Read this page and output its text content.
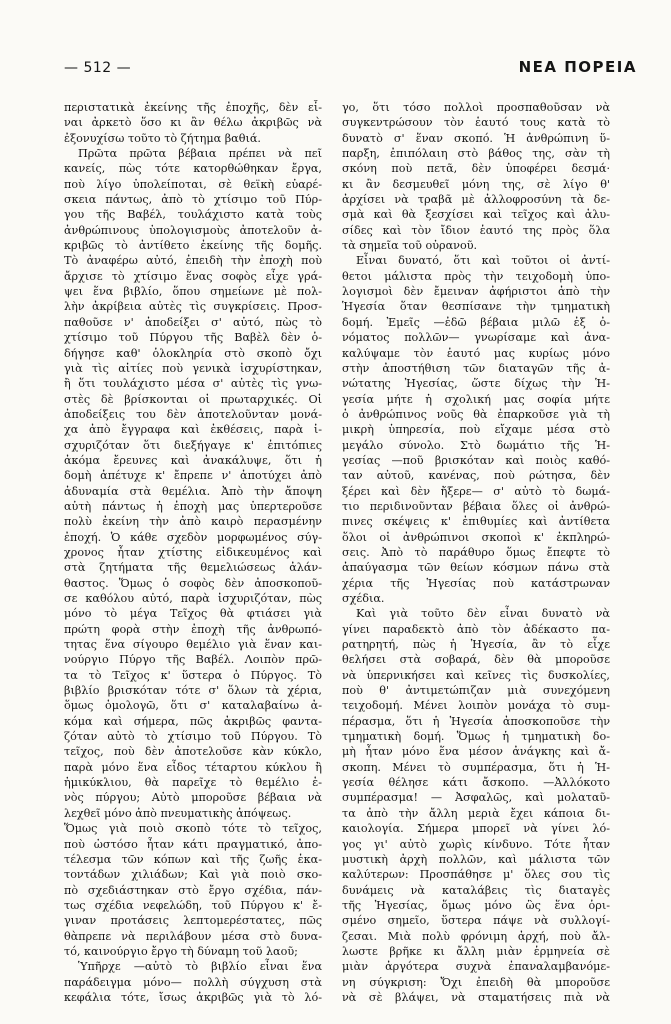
— 512 —	ΝΕΑ ΠΟΡΕΙΑ
περιστατικὰ ἐκείνης τῆς ἐποχῆς, δὲν εἶ-
ναι ἀρκετὸ ὅσο κι ἂν θέλω ἀκριβῶς νὰ
ἐξονυχίσω τοῦτο τὸ ζήτημα βαθιά.
Πρῶτα πρῶτα βέβαια πρέπει νὰ πεῖ
κανείς, πὼς τότε κατορθώθηκαν ἔργα,
ποὺ λίγο ὑπολείποται, σὲ θεϊκὴ εὐαρέ-
σκεια πάντως, ἀπὸ τὸ χτίσιμο τοῦ Πύρ-
γου τῆς Βαβέλ, τουλάχιστο κατὰ τοὺς
ἀνθρώπινους ὑπολογισμοὺς ἀποτελοῦν ἀ-
κριβῶς τὸ ἀντίθετο ἐκείνης τῆς δομῆς.
Τὸ ἀναφέρω αὐτό, ἐπειδὴ τὴν ἐποχὴ ποὺ
ἄρχισε τὸ χτίσιμο ἕνας σοφὸς εἶχε γρά-
ψει ἕνα βιβλίο, ὅπου σημείωνε μὲ πολ-
λὴν ἀκρίβεια αὐτὲς τὶς συγκρίσεις. Προσ-
παθοῦσε ν' ἀποδείξει σ' αὐτό, πὼς τὸ
χτίσιμο τοῦ Πύργου τῆς Βαβὲλ δὲν ὁ-
δήγησε καθ' ὁλοκληρία στὸ σκοπὸ ὄχι
γιὰ τὶς αἰτίες ποὺ γενικὰ ἰσχυρίστηκαν,
ἢ ὅτι τουλάχιστο μέσα σ' αὐτὲς τὶς γνω-
στὲς δὲ βρίσκονται οἱ πρωταρχικές. Οἱ
ἀποδείξεις του δὲν ἀποτελοῦνταν μονά-
χα ἀπὸ ἔγγραφα καὶ ἐκθέσεις, παρὰ ἰ-
σχυριζόταν ὅτι διεξήγαγε κ' ἐπιτόπιες
ἀκόμα ἔρευνες καὶ ἀνακάλυψε, ὅτι ἡ
δομὴ ἀπέτυχε κ' ἔπρεπε ν' ἀποτύχει ἀπὸ
ἀδυναμία στὰ θεμέλια. Ἀπὸ τὴν ἄποψη
αὐτὴ πάντως ἡ ἐποχὴ μας ὑπερτεροῦσε
πολὺ ἐκείνη τὴν ἀπὸ καιρὸ περασμένην
ἐποχή. Ὁ κάθε σχεδὸν μορφωμένος σύγ-
χρονος ἦταν χτίστης εἰδικευμένος καὶ
στὰ ζητήματα τῆς θεμελιώσεως ἀλάν-
θαστος. Ὅμως ὁ σοφὸς δὲν ἀποσκοποῦ-
σε καθόλου αὐτό, παρὰ ἰσχυριζόταν, πὼς
μόνο τὸ μέγα Τεῖχος θὰ φτιάσει γιὰ
πρώτη φορὰ στὴν ἐποχὴ τῆς ἀνθρωπό-
τητας ἕνα σίγουρο θεμέλιο γιὰ ἕναν και-
νούργιο Πύργο τῆς Βαβέλ. Λοιπὸν πρῶ-
τα τὸ Τεῖχος κ' ὕστερα ὁ Πύργος. Τὸ
βιβλίο βρισκόταν τότε σ' ὅλων τὰ χέρια,
ὅμως ὁμολογῶ, ὅτι σ' καταλαβαίνω ἀ-
κόμα καὶ σήμερα, πῶς ἀκριβῶς φαντα-
ζόταν αὐτὸ τὸ χτίσιμο τοῦ Πύργου. Τὸ
τεῖχος, ποὺ δὲν ἀποτελοῦσε κὰν κύκλο,
παρὰ μόνο ἕνα εἶδος τέταρτου κύκλου ἢ
ἡμικύκλιου, θὰ παρεῖχε τὸ θεμέλιο ἑ-
νὸς πύργου; Αὐτὸ μποροῦσε βέβαια νὰ
λεχθεῖ μόνο ἀπὸ πνευματικὴς ἀπόψεως.
Ὅμως γιὰ ποιὸ σκοπὸ τότε τὸ τεῖχος,
ποὺ ὡστόσο ἦταν κάτι πραγματικό, ἀπο-
τέλεσμα τῶν κόπων καὶ τῆς ζωῆς ἑκα-
τοντάδων χιλιάδων; Καὶ γιὰ ποιὸ σκο-
πὸ σχεδιάστηκαν στὸ ἔργο σχέδια, πάν-
τως σχέδια νεφελώδη, τοῦ Πύργου κ' ἔ-
γιναν προτάσεις λεπτομερέστατες, πῶς
θὰπρεπε νὰ περιλάβουν μέσα στὸ δυνα-
τό, καινούργιο ἔργο τὴ δύναμη τοῦ λαοῦ;
Ὑπῆρχε —αὐτὸ τὸ βιβλίο εἶναι ἕνα
παράδειγμα μόνο— πολλὴ σύγχυση στὰ
κεφάλια τότε, ἴσως ἀκριβῶς γιὰ τὸ λό-
γο, ὅτι τόσο πολλοὶ προσπαθοῦσαν νὰ
συγκεντρώσουν τὸν ἑαυτό τους κατὰ τὸ
δυνατὸ σ' ἕναν σκοπό. Ἡ ἀνθρώπινη ὕ-
παρξη, ἐπιπόλαιη στὸ βάθος της, σὰν τὴ
σκόνη ποὺ πετᾶ, δὲν ὑποφέρει δεσμά·
κι ἂν δεσμευθεῖ μόνη της, σὲ λίγο θ'
ἀρχίσει νὰ τραβᾶ μὲ ἀλλοφροσύνη τὰ δε-
σμὰ καὶ θὰ ξεσχίσει καὶ τεῖχος καὶ ἁλυ-
σίδες καὶ τὸν ἴδιον ἑαυτό της πρὸς ὅλα
τὰ σημεῖα τοῦ οὐρανοῦ.
Εἶναι δυνατό, ὅτι καὶ τοῦτοι οἱ ἀντί-
θετοι μάλιστα πρὸς τὴν τειχοδομὴ ὑπο-
λογισμοὶ δὲν ἔμειναν ἀφήριστοι ἀπὸ τὴν
Ἡγεσία ὅταν θεσπίσανε τὴν τμηματικὴ
δομή. Ἐμεῖς —ἐδῶ βέβαια μιλῶ ἐξ ὀ-
νόματος πολλῶν— γνωρίσαμε καὶ ἀνα-
καλύψαμε τὸν ἑαυτό μας κυρίως μόνο
στὴν ἀποστήθιση τῶν διαταγῶν τῆς ἀ-
νώτατης Ἡγεσίας, ὥστε δίχως τὴν Ἡ-
γεσία μήτε ἡ σχολική μας σοφία μήτε
ὁ ἀνθρώπινος νοῦς θὰ ἐπαρκοῦσε γιὰ τὴ
μικρὴ ὑπηρεσία, ποὺ εἴχαμε μέσα στὸ
μεγάλο σύνολο. Στὸ δωμάτιο τῆς Ἡ-
γεσίας —ποῦ βρισκόταν καὶ ποιὸς καθό-
ταν αὐτοῦ, κανένας, ποὺ ρώτησα, δὲν
ξέρει καὶ δὲν ἤξερε— σ' αὐτὸ τὸ δωμά-
τιο περιδινοῦνταν βέβαια ὅλες οἱ ἀνθρώ-
πινες σκέψεις κ' ἐπιθυμίες καὶ ἀντίθετα
ὅλοι οἱ ἀνθρώπινοι σκοποὶ κ' ἐκπληρώ-
σεις. Ἀπὸ τὸ παράθυρο ὅμως ἔπεφτε τὸ
ἀπαύγασμα τῶν θείων κόσμων πάνω στὰ
χέρια τῆς Ἡγεσίας ποὺ κατάστρωναν
σχέδια.
Καὶ γιὰ τοῦτο δὲν εἶναι δυνατὸ νὰ
γίνει παραδεκτὸ ἀπὸ τὸν ἀδέκαστο πα-
ρατηρητή, πὼς ἡ Ἡγεσία, ἂν τὸ εἶχε
θελήσει στὰ σοβαρά, δὲν θὰ μποροῦσε
νὰ ὑπερνικήσει καὶ κεῖνες τὶς δυσκολίες,
ποὺ θ' ἀντιμετώπιζαν μιὰ συνεχόμενη
τειχοδομή. Μένει λοιπὸν μονάχα τὸ συμ-
πέρασμα, ὅτι ἡ Ἡγεσία ἀποσκοποῦσε τὴν
τμηματικὴ δομή. Ὅμως ἡ τμηματικὴ δο-
μὴ ἦταν μόνο ἕνα μέσον ἀνάγκης καὶ ἄ-
σκοπη. Μένει τὸ συμπέρασμα, ὅτι ἡ Ἡ-
γεσία θέλησε κάτι ἄσκοπο. —Ἀλλόκοτο
συμπέρασμα! — Ἀσφαλῶς, καὶ μολαταῦ-
τα ἀπὸ τὴν ἄλλη μεριὰ ἔχει κάποια δι-
καιολογία. Σήμερα μπορεῖ νὰ γίνει λό-
γος γι' αὐτὸ χωρὶς κίνδυνο. Τότε ἦταν
μυστικὴ ἀρχὴ πολλῶν, καὶ μάλιστα τῶν
καλύτερων: Προσπάθησε μ' ὅλες σου τὶς
δυνάμεις νὰ καταλάβεις τὶς διαταγὲς
τῆς Ἡγεσίας, ὅμως μόνο ὣς ἕνα ὁρι-
σμένο σημεῖο, ὕστερα πάψε νὰ συλλογί-
ζεσαι. Μιὰ πολὺ φρόνιμη ἀρχή, ποὺ ἄλ-
λωστε βρῆκε κι ἄλλη μιὰν ἑρμηνεία σὲ
μιὰν ἀργότερα συχνὰ ἐπαναλαμβανόμε-
νη σύγκριση: Ὄχι ἐπειδὴ θὰ μποροῦσε
νὰ σὲ βλάψει, νὰ σταματήσεις πιὰ νὰ
